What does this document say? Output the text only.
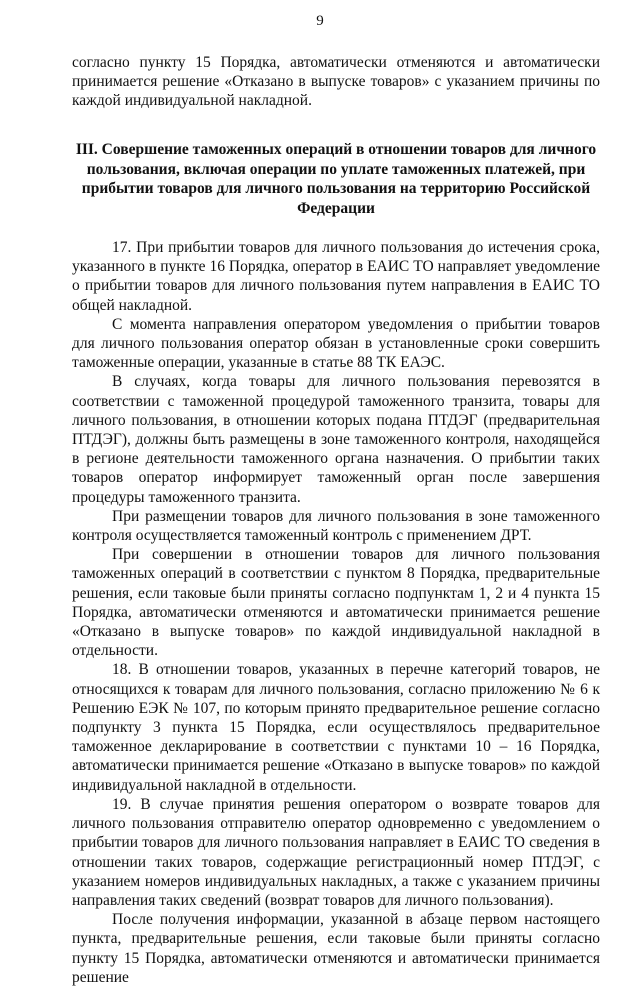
9

согласно пункту 15 Порядка, автоматически отменяются и автоматически принимается решение «Отказано в выпуске товаров» с указанием причины по каждой индивидуальной накладной.

III. Совершение таможенных операций в отношении товаров для личного пользования, включая операции по уплате таможенных платежей, при прибытии товаров для личного пользования на территорию Российской Федерации

17. При прибытии товаров для личного пользования до истечения срока, указанного в пункте 16 Порядка, оператор в ЕАИС ТО направляет уведомление о прибытии товаров для личного пользования путем направления в ЕАИС ТО общей накладной.

С момента направления оператором уведомления о прибытии товаров для личного пользования оператор обязан в установленные сроки совершить таможенные операции, указанные в статье 88 ТК ЕАЭС.

В случаях, когда товары для личного пользования перевозятся в соответствии с таможенной процедурой таможенного транзита, товары для личного пользования, в отношении которых подана ПТДЭГ (предварительная ПТДЭГ), должны быть размещены в зоне таможенного контроля, находящейся в регионе деятельности таможенного органа назначения. О прибытии таких товаров оператор информирует таможенный орган после завершения процедуры таможенного транзита.

При размещении товаров для личного пользования в зоне таможенного контроля осуществляется таможенный контроль с применением ДРТ.

При совершении в отношении товаров для личного пользования таможенных операций в соответствии с пунктом 8 Порядка, предварительные решения, если таковые были приняты согласно подпунктам 1, 2 и 4 пункта 15 Порядка, автоматически отменяются и автоматически принимается решение «Отказано в выпуске товаров» по каждой индивидуальной накладной в отдельности.

18. В отношении товаров, указанных в перечне категорий товаров, не относящихся к товарам для личного пользования, согласно приложению № 6 к Решению ЕЭК № 107, по которым принято предварительное решение согласно подпункту 3 пункта 15 Порядка, если осуществлялось предварительное таможенное декларирование в соответствии с пунктами 10 – 16 Порядка, автоматически принимается решение «Отказано в выпуске товаров» по каждой индивидуальной накладной в отдельности.

19. В случае принятия решения оператором о возврате товаров для личного пользования отправителю оператор одновременно с уведомлением о прибытии товаров для личного пользования направляет в ЕАИС ТО сведения в отношении таких товаров, содержащие регистрационный номер ПТДЭГ, с указанием номеров индивидуальных накладных, а также с указанием причины направления таких сведений (возврат товаров для личного пользования).

После получения информации, указанной в абзаце первом настоящего пункта, предварительные решения, если таковые были приняты согласно пункту 15 Порядка, автоматически отменяются и автоматически принимается решение
